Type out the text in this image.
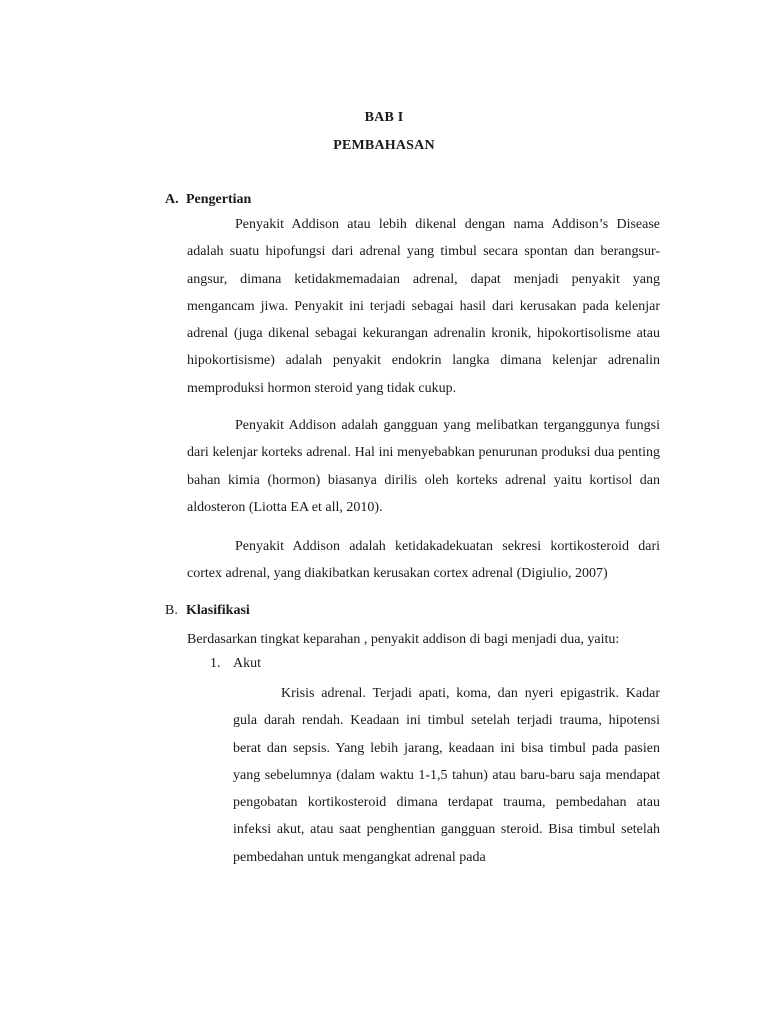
BAB I
PEMBAHASAN
A. Pengertian

Penyakit Addison atau lebih dikenal dengan nama Addison’s Disease adalah suatu hipofungsi dari adrenal yang timbul secara spontan dan berangsur-angsur, dimana ketidakmemadaian adrenal, dapat menjadi penyakit yang mengancam jiwa. Penyakit ini terjadi sebagai hasil dari kerusakan pada kelenjar adrenal (juga dikenal sebagai kekurangan adrenalin kronik, hipokortisolisme atau hipokortisisme) adalah penyakit endokrin langka dimana kelenjar adrenalin memproduksi hormon steroid yang tidak cukup.

Penyakit Addison adalah gangguan yang melibatkan terganggunya fungsi dari kelenjar korteks adrenal. Hal ini menyebabkan penurunan produksi dua penting bahan kimia (hormon) biasanya dirilis oleh korteks adrenal yaitu kortisol dan aldosteron (Liotta EA et all, 2010).

Penyakit Addison adalah ketidakadekuatan sekresi kortikosteroid dari cortex adrenal, yang diakibatkan kerusakan cortex adrenal (Digiulio, 2007)

B. Klasifikasi

Berdasarkan tingkat keparahan , penyakit addison di bagi menjadi dua, yaitu:

1. Akut

Krisis adrenal. Terjadi apati, koma, dan nyeri epigastrik. Kadar gula darah rendah. Keadaan ini timbul setelah terjadi trauma, hipotensi berat dan sepsis. Yang lebih jarang, keadaan ini bisa timbul pada pasien yang sebelumnya (dalam waktu 1-1,5 tahun) atau baru-baru saja mendapat pengobatan kortikosteroid dimana terdapat trauma, pembedahan atau infeksi akut, atau saat penghentian gangguan steroid. Bisa timbul setelah pembedahan untuk mengangkat adrenal pada
